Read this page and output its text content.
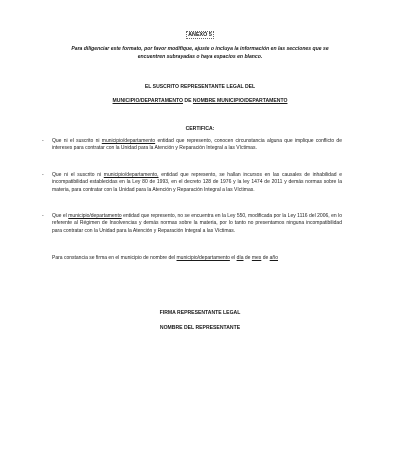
ANEXO 5
Para diligenciar este formato, por favor modifique, ajuste o incluya la información en las secciones que se encuentren subrayadas o haya espacios en blanco.
EL SUSCRITO REPRESENTANTE LEGAL DEL
MUNICIPIO/DEPARTAMENTO DE NOMBRE MUNICIPIO/DEPARTAMENTO
CERTIFICA:
- Que ni el suscrito ni municipio/departamento entidad que represento, conocen circunstancia alguna que implique conflicto de intereses para contratar con la Unidad para la Atención y Reparación Integral a las Víctimas.
- Que ni el suscrito ni municipio/departamento, entidad que represento, se hallan incursos en las causales de inhabilidad e incompatibilidad establecidas en la Ley 80 de 1993, en el decreto 128 de 1976 y la ley 1474 de 2011 y demás normas sobre la materia, para contratar con la Unidad para la Atención y Reparación Integral a las Víctimas.
- Que el municipio/departamento entidad que represento, no se encuentra en la Ley 550, modificada por la Ley 1116 del 2006, en lo referente al Régimen de Insolvencias y demás normas sobre la materia, por lo tanto no presentamos ninguna incompatibilidad para contratar con la Unidad para la Atención y Reparación Integral a las Víctimas.
Para constancia se firma en el municipio de nombre del municipio/departamento el día de mes de año
FIRMA REPRESENTANTE LEGAL
NOMBRE DEL REPRESENTANTE
